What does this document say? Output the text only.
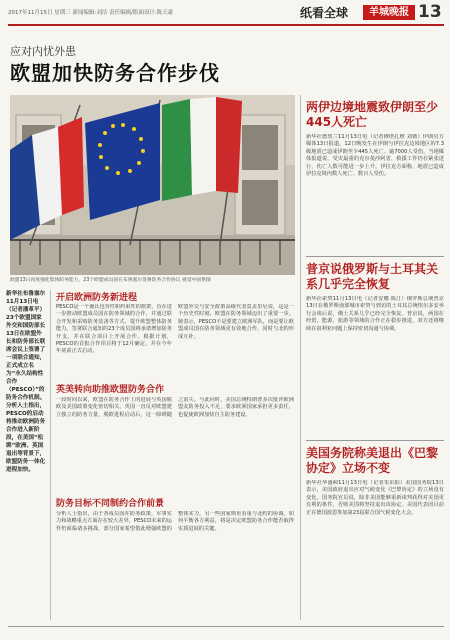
2017年11月15日 星期三 新闻编辑:刘洁 责任编辑/版面设计:陈天豪	纸看全球	羊城晚报 13
应对内忧外患
欧盟加快防务合作步伐
欧盟13日再度强化集体防务能力，23个欧盟成员国在布鲁塞尔签署防务合作协议 视觉中国供图
新华社布鲁塞尔11月13日电（记者潘革平）23个欧盟国家外交和国防部长13日在欧盟外长和防务部长联席会议上签署了一项联合通知，正式成立名为“永久结构性合作（PESCO）”的防务合作机制。分析人士指出，PESCO的启动将推动欧洲防务合作进入新阶段，在美国“松绑”欧洲、英国退出等背景下，欧盟防务一体化进程加快。
开启欧洲防务新进程
PESCO是一个兼具包容性和约束性的框架，旨在进一步推动欧盟成员国在防务领域的合作，并通过联合开发和采购防务装备等方式，提升欧盟整体防务能力。签署联合通知的23个成员国将承诺增加防务开支，并在联合项目上开展合作。根据计划，PESCO的首批合作项目将于12月确定，并在今年年底前正式启动。
欧盟外交与安全政策高级代表莫盖里尼说，这是一个历史性时刻，欧盟在防务领域迈出了重要一步。她表示，PESCO不是要建立欧洲军队，而是要让欧盟成员国在防务领域更有效地合作，同时与北约形成互补。
英美转向助推欧盟防务合作
一段时间以来，欧盟在防务合作上的进展与英国脱欧及美国政策变化密切相关。英国一直反对欧盟建立独立的防务力量，脱欧进程启动后，这一障碍随之消失。与此同时，美国总统特朗普多次批评欧洲盟友防务投入不足，要求欧洲国家承担更多责任，也促使欧洲加快自主防务建设。
防务目标不同制约合作前景
分析人士指出，由于各成员国在防务政策、军事实力和战略重点方面存在较大差异，PESCO未来的运作仍面临诸多挑战。部分国家希望借此增强欧盟的整体实力，另一些国家则更看重与北约的协调。如何平衡各方利益，将是决定欧盟防务合作能否取得实质进展的关键。
两伊边境地震致伊朗至少445人死亡
新华社德黑兰11月13日电（记者穆塔扎维 刘锴）伊朗官方媒体13日报道，12日晚发生在伊朗与伊拉克边境地区的7.3级地震已造成伊朗至少445人死亡、逾7000人受伤。当地媒体报道说，受灾最重的克尔曼沙阿省，救援工作仍在紧张进行，伤亡人数可能进一步上升。伊拉克方面称，地震已造成伊拉克境内数人死亡、数百人受伤。
普京说俄罗斯与土耳其关系几乎完全恢复
新华社索契11月13日电（记者安娜 陈汀）俄罗斯总统普京13日在俄罗斯南部城市索契与到访的土耳其总统埃尔多安举行会谈后说，俄土关系几乎已经完全恢复。普京说，两国在经贸、能源、旅游等领域的合作正在稳步推进，双方还将继续在叙利亚问题上保持密切沟通与协调。
美国务院称美退出《巴黎协定》立场不变
新华社华盛顿11月13日电（记者朱东阳）美国国务院13日表示，美国政府退出应对气候变化《巴黎协定》的立场没有变化。国务院官员说，除非美国能够重新谈判获得对美国更有利的条件，否则美国将坚持退出该协定。美国代表团目前正在德国波恩参加第23届联合国气候变化大会。
